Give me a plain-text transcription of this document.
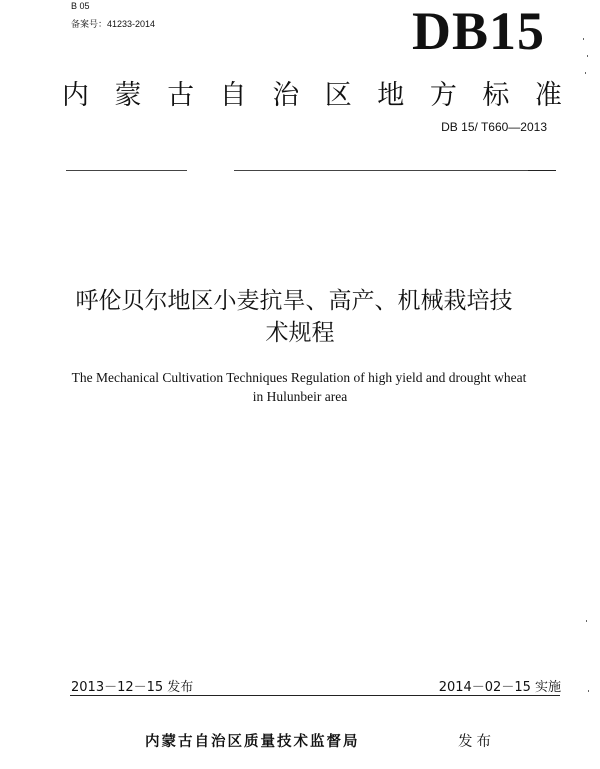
B 05
备案号：41233-2014	DB15
内 蒙 古 自 治 区 地 方 标 准
DB 15/ T660—2013
呼伦贝尔地区小麦抗旱、高产、机械栽培技
术规程
The Mechanical Cultivation Techniques Regulation of high yield and drought wheat
in Hulunbeir area
2013－12－15 发布	2014－02－15 实施
内蒙古自治区质量技术监督局	发布
